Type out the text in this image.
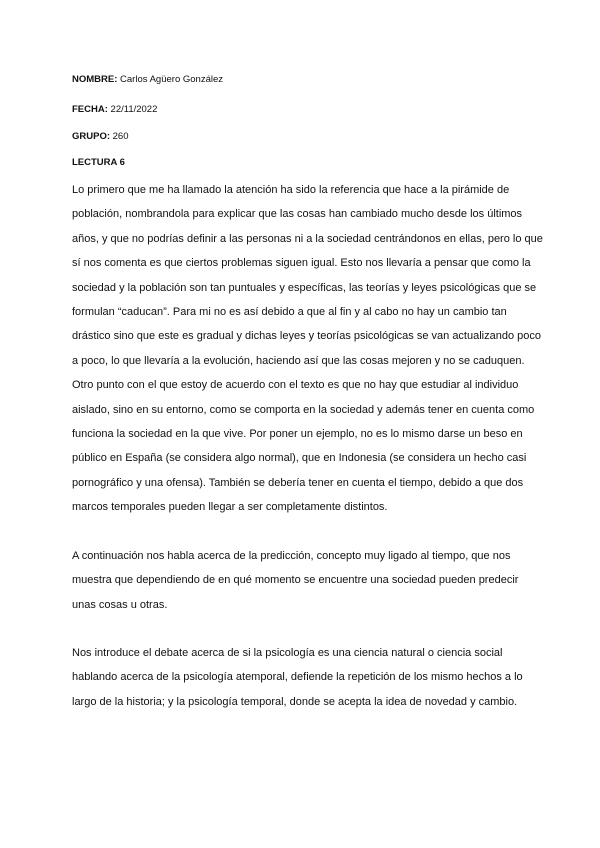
NOMBRE: Carlos Agüero González
FECHA: 22/11/2022
GRUPO: 260
LECTURA 6

Lo primero que me ha llamado la atención ha sido la referencia que hace a la pirámide de población, nombrandola para explicar que las cosas han cambiado mucho desde los últimos años, y que no podrías definir a las personas ni a la sociedad centrándonos en ellas, pero lo que sí nos comenta es que ciertos problemas siguen igual. Esto nos llevaría a pensar que como la sociedad y la población son tan puntuales y específicas, las teorías y leyes psicológicas que se formulan “caducan”. Para mi no es así debido a que al fin y al cabo no hay un cambio tan drástico sino que este es gradual y dichas leyes y teorías psicológicas se van actualizando poco a poco, lo que llevaría a la evolución, haciendo así que las cosas mejoren y no se caduquen.

Otro punto con el que estoy de acuerdo con el texto es que no hay que estudiar al individuo aislado, sino en su entorno, como se comporta en la sociedad y además tener en cuenta como funciona la sociedad en la que vive. Por poner un ejemplo, no es lo mismo darse un beso en público en España (se considera algo normal), que en Indonesia (se considera un hecho casi pornográfico y una ofensa). También se debería tener en cuenta el tiempo, debido a que dos marcos temporales pueden llegar a ser completamente distintos.

A continuación nos habla acerca de la predicción, concepto muy ligado al tiempo, que nos muestra que dependiendo de en qué momento se encuentre una sociedad pueden predecir unas cosas u otras.

Nos introduce el debate acerca de si la psicología es una ciencia natural o ciencia social hablando acerca de la psicología atemporal, defiende la repetición de los mismo hechos a lo largo de la historia; y la psicología temporal, donde se acepta la idea de novedad y cambio.
